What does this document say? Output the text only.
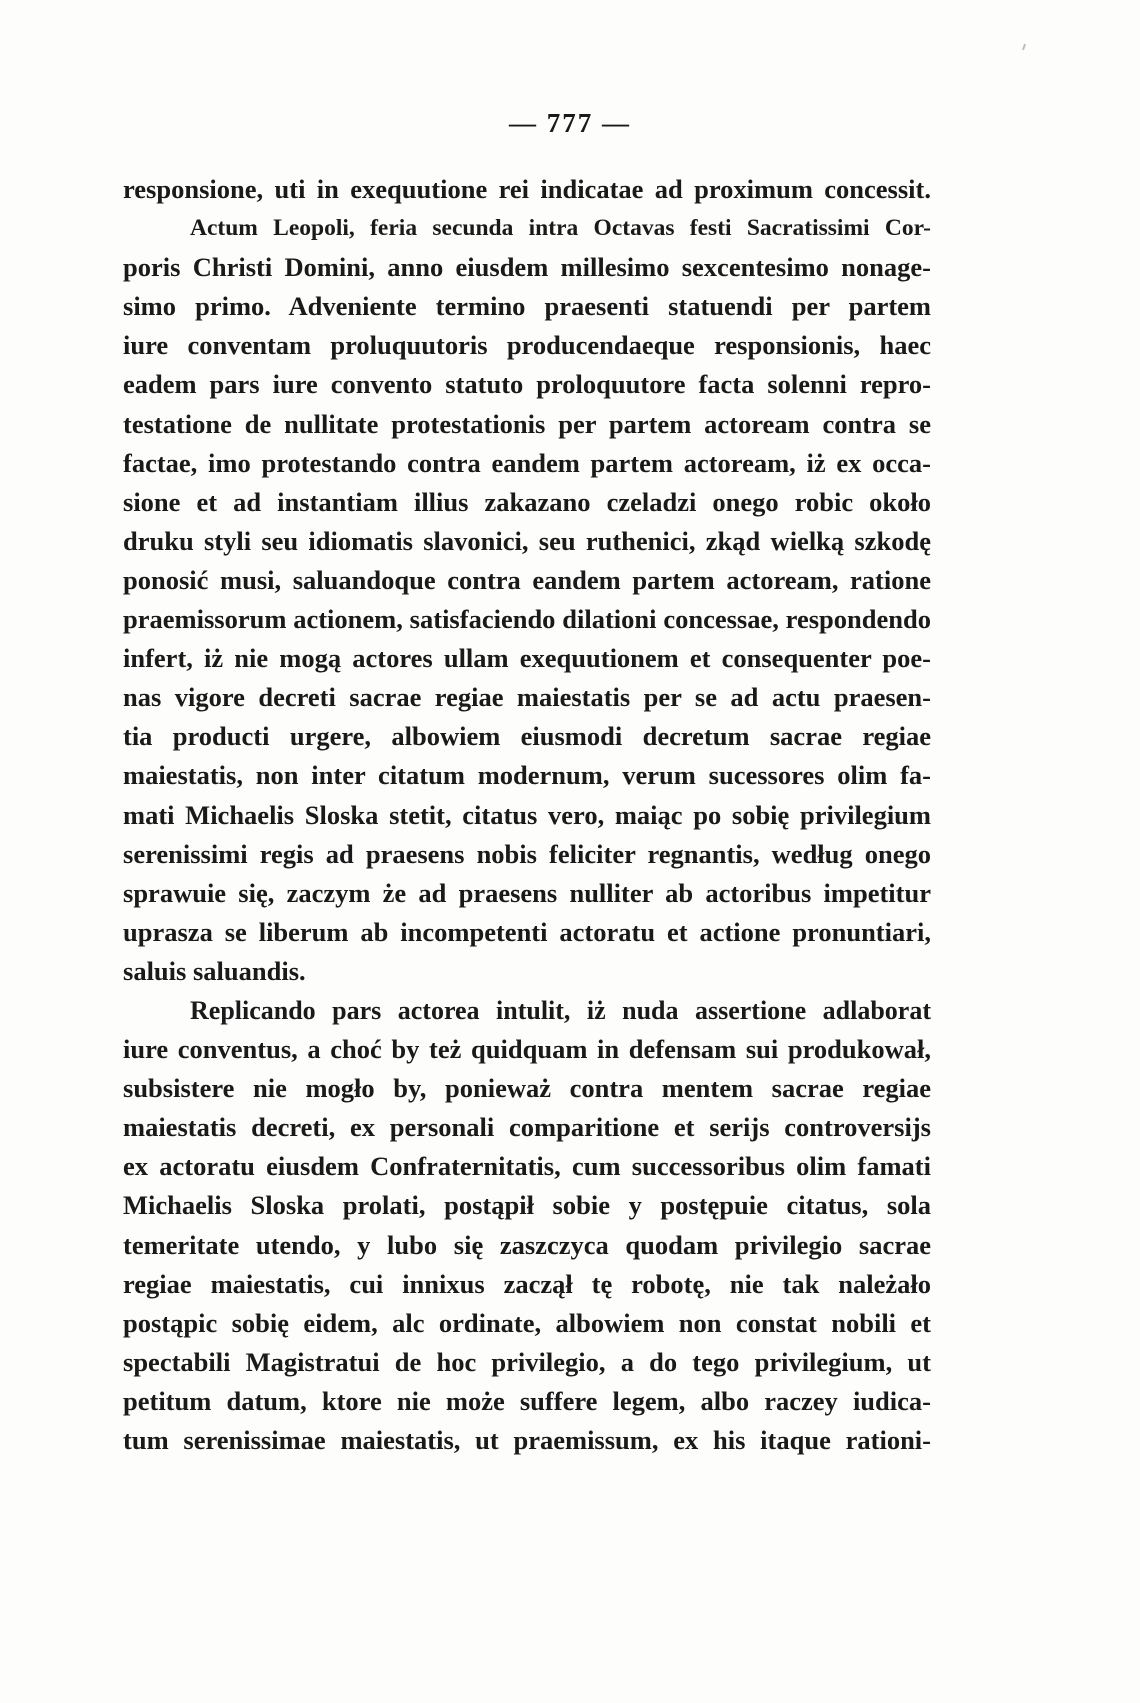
— 777 —
responsione, uti in exequutione rei indicatae ad proximum concessit.
Actum Leopoli, feria secunda intra Octavas festi Sacratissimi Cor-
poris Christi Domini, anno eiusdem millesimo sexcentesimo nonage-
simo primo. Adveniente termino praesenti statuendi per partem
iure conventam proluquutoris producendaeque responsionis, haec
eadem pars iure convento statuto proloquutore facta solenni repro-
testatione de nullitate protestationis per partem actoream contra se
factae, imo protestando contra eandem partem actoream, iż ex occa-
sione et ad instantiam illius zakazano czeladzi onego robic około
druku styli seu idiomatis slavonici, seu ruthenici, zkąd wielką szkodę
ponosić musi, saluandoque contra eandem partem actoream, ratione
praemissorum actionem, satisfaciendo dilationi concessae, respondendo
infert, iż nie mogą actores ullam exequutionem et consequenter poe-
nas vigore decreti sacrae regiae maiestatis per se ad actu praesen-
tia producti urgere, albowiem eiusmodi decretum sacrae regiae
maiestatis, non inter citatum modernum, verum sucessores olim fa-
mati Michaelis Sloska stetit, citatus vero, maiąc po sobię privilegium
serenissimi regis ad praesens nobis feliciter regnantis, według onego
sprawuie się, zaczym że ad praesens nulliter ab actoribus impetitur
uprasza se liberum ab incompetenti actoratu et actione pronuntiari,
saluis saluandis.
Replicando pars actorea intulit, iż nuda assertione adlaborat
iure conventus, a choć by też quidquam in defensam sui produkował,
subsistere nie mogło by, ponieważ contra mentem sacrae regiae
maiestatis decreti, ex personali comparitione et serijs controversijs
ex actoratu eiusdem Confraternitatis, cum successoribus olim famati
Michaelis Sloska prolati, postąpił sobie y postępuie citatus, sola
temeritate utendo, y lubo się zaszczyca quodam privilegio sacrae
regiae maiestatis, cui innixus zaczął tę robotę, nie tak należało
postąpic sobię eidem, alc ordinate, albowiem non constat nobili et
spectabili Magistratui de hoc privilegio, a do tego privilegium, ut
petitum datum, ktore nie może suffere legem, albo raczey iudica-
tum serenissimae maiestatis, ut praemissum, ex his itaque rationi-
